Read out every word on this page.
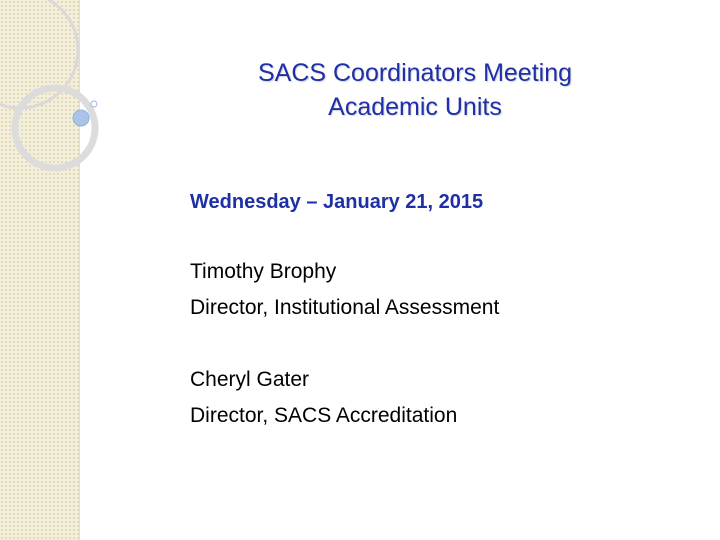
SACS Coordinators Meeting
Academic Units
Wednesday – January 21, 2015
Timothy Brophy
Director, Institutional Assessment
Cheryl Gater
Director, SACS Accreditation
